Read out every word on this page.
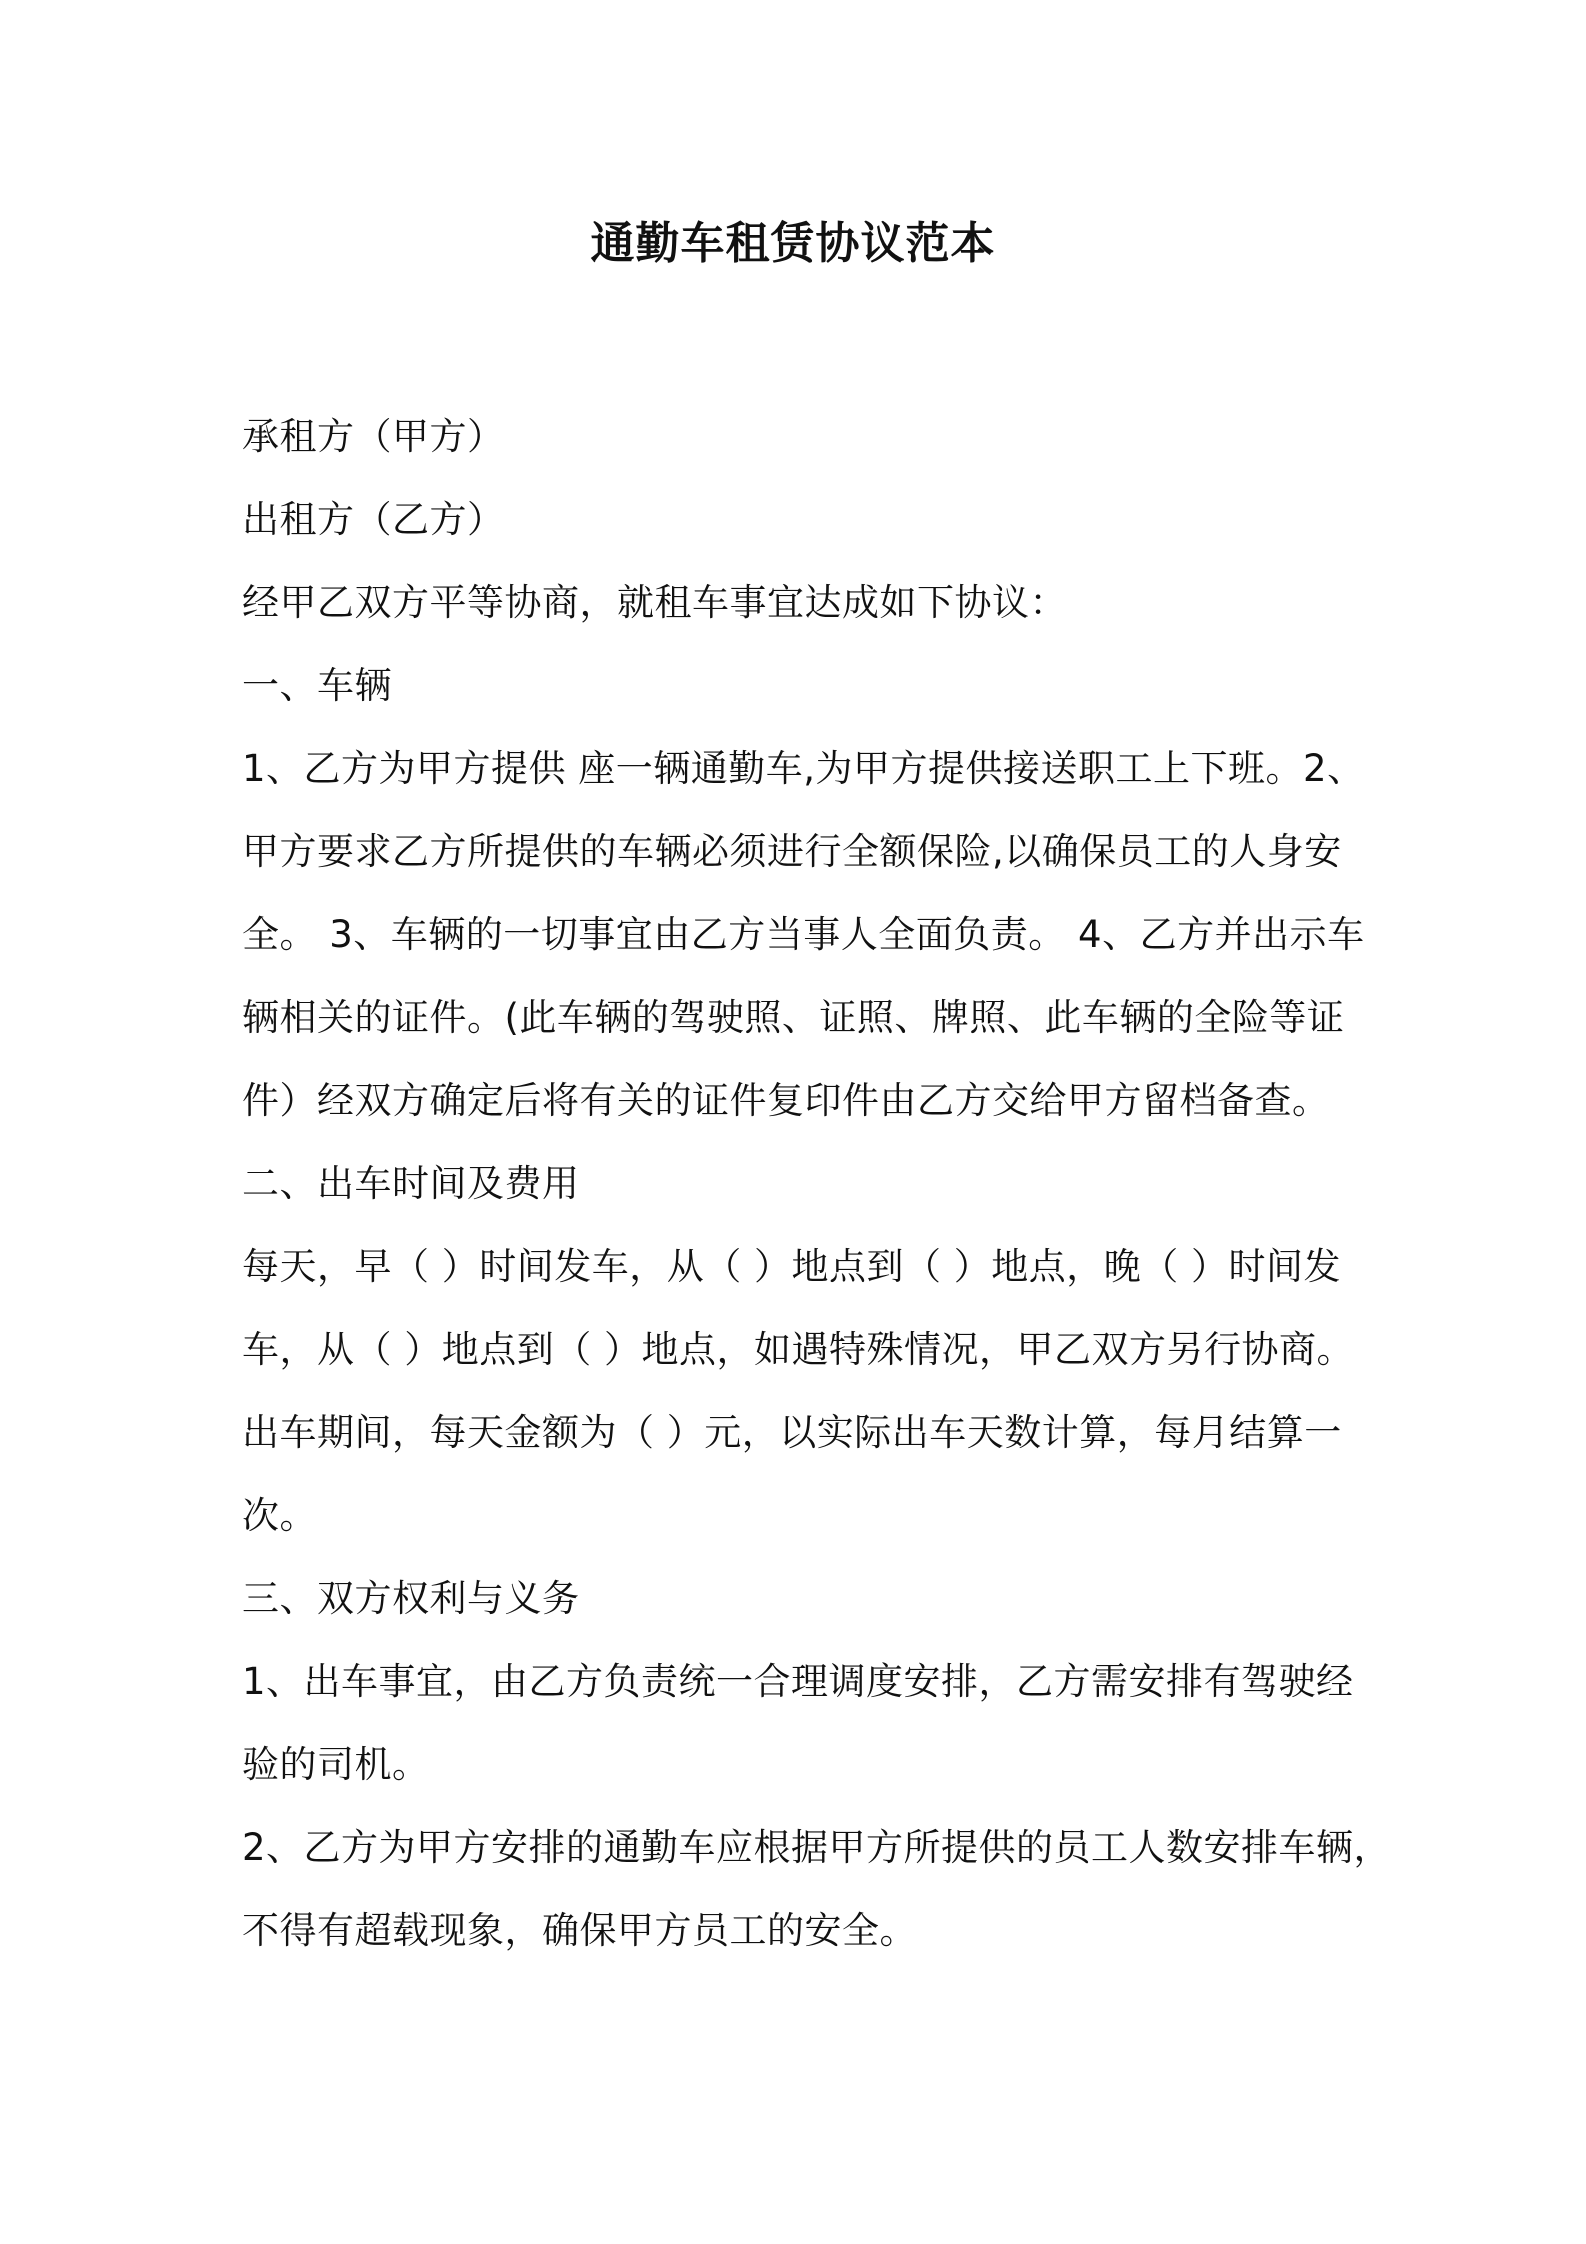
通勤车租赁协议范本
承租方（甲方）
出租方（乙方）
经甲乙双方平等协商，就租车事宜达成如下协议：
一、车辆
1、乙方为甲方提供 座一辆通勤车,为甲方提供接送职工上下班。2、
甲方要求乙方所提供的车辆必须进行全额保险,以确保员工的人身安
全。 3、车辆的一切事宜由乙方当事人全面负责。 4、乙方并出示车
辆相关的证件。(此车辆的驾驶照、证照、牌照、此车辆的全险等证
件）经双方确定后将有关的证件复印件由乙方交给甲方留档备查。
二、出车时间及费用
每天，早（ ）时间发车，从（ ）地点到（ ）地点，晚（ ）时间发
车，从（ ）地点到（ ）地点，如遇特殊情况，甲乙双方另行协商。
出车期间，每天金额为（ ）元，以实际出车天数计算，每月结算一
次。
三、双方权利与义务
1、出车事宜，由乙方负责统一合理调度安排，乙方需安排有驾驶经
验的司机。
2、乙方为甲方安排的通勤车应根据甲方所提供的员工人数安排车辆，
不得有超载现象，确保甲方员工的安全。
